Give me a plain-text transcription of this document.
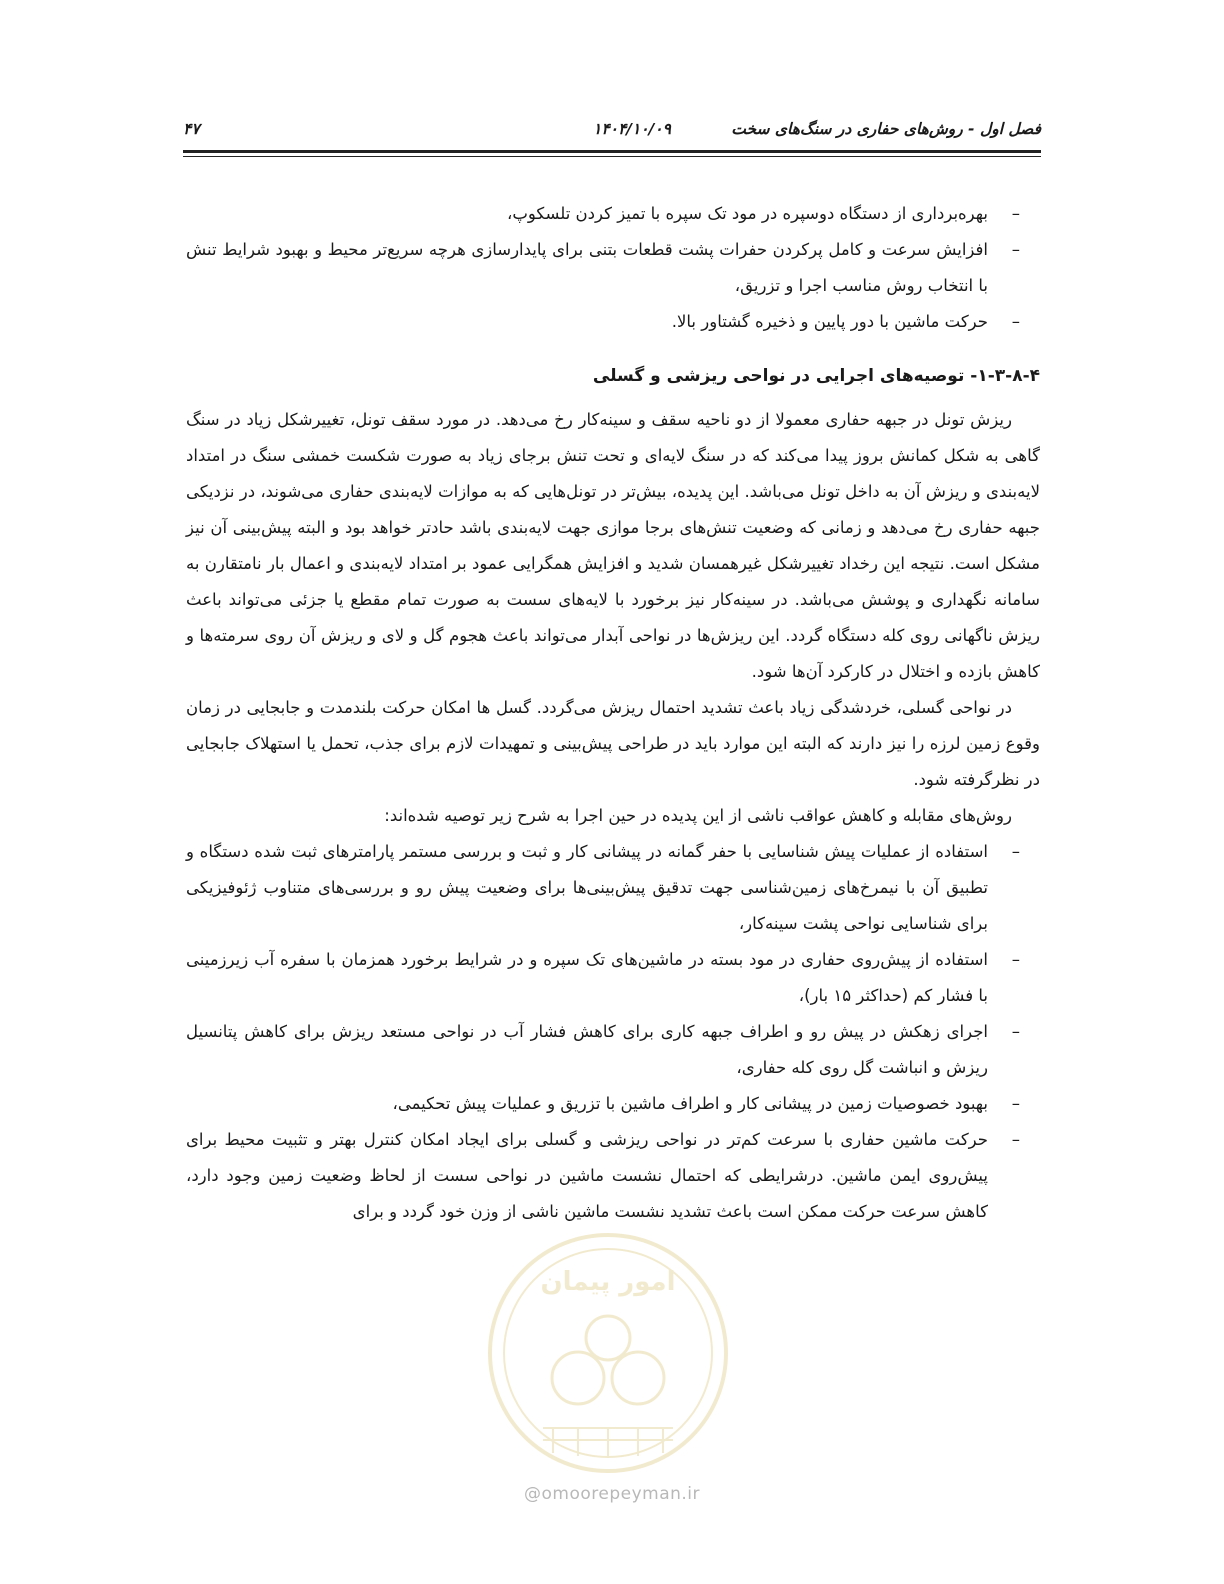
۴۷	۱۴۰۴/۱۰/۰۹	فصل اول - روش‌های حفاری در سنگ‌های سخت

–
بهره‌برداری از دستگاه دوسپره در مود تک سپره با تمیز کردن تلسکوپ،

–
افزایش سرعت و کامل پرکردن حفرات پشت قطعات بتنی برای پایدارسازی هرچه سریع‌تر محیط و بهبود شرایط تنش با انتخاب روش مناسب اجرا و تزریق،

–
حرکت ماشین با دور پایین و ذخیره گشتاور بالا.

۱-۳-۸-۴- توصیه‌های اجرایی در نواحی ریزشی و گسلی

ریزش تونل در جبهه حفاری معمولا از دو ناحیه سقف و سینه‌کار رخ می‌دهد. در مورد سقف تونل، تغییرشکل زیاد در سنگ گاهی به شکل کمانش بروز پیدا می‌کند که در سنگ لایه‌ای و تحت تنش برجای زیاد به صورت شکست خمشی سنگ در امتداد لایه‌بندی و ریزش آن به داخل تونل می‌باشد. این پدیده، بیش‌تر در تونل‌هایی که به موازات لایه‌بندی حفاری می‌شوند، در نزدیکی جبهه حفاری رخ می‌دهد و زمانی که وضعیت تنش‌های برجا موازی جهت لایه‌بندی باشد حادتر خواهد بود و البته پیش‌بینی آن نیز مشکل است. نتیجه این رخداد تغییرشکل غیرهمسان شدید و افزایش همگرایی عمود بر امتداد لایه‌بندی و اعمال بار نامتقارن به سامانه نگهداری و پوشش می‌باشد. در سینه‌کار نیز برخورد با لایه‌های سست به صورت تمام مقطع یا جزئی می‌تواند باعث ریزش ناگهانی روی کله دستگاه گردد. این ریزش‌ها در نواحی آبدار می‌تواند باعث هجوم گل و لای و ریزش آن روی سرمته‌ها و کاهش بازده و اختلال در کارکرد آن‌ها شود.

در نواحی گسلی، خردشدگی زیاد باعث تشدید احتمال ریزش می‌گردد. گسل ها امکان حرکت بلندمدت و جابجایی در زمان وقوع زمین لرزه را نیز دارند که البته این موارد باید در طراحی پیش‌بینی و تمهیدات لازم برای جذب، تحمل یا استهلاک جابجایی در نظرگرفته شود.

روش‌های مقابله و کاهش عواقب ناشی از این پدیده در حین اجرا به شرح زیر توصیه شده‌اند:

–
استفاده از عملیات پیش شناسایی با حفر گمانه در پیشانی کار و ثبت و بررسی مستمر پارامترهای ثبت شده دستگاه و تطبیق آن با نیمرخ‌های زمین‌شناسی جهت تدقیق پیش‌بینی‌ها برای وضعیت پیش رو و بررسی‌های متناوب ژئوفیزیکی برای شناسایی نواحی پشت سینه‌کار،

–
استفاده از پیش‌روی حفاری در مود بسته در ماشین‌های تک سپره و در شرایط برخورد همزمان با سفره آب زیرزمینی با فشار کم (حداکثر ۱۵ بار)،

–
اجرای زهکش در پیش رو و اطراف جبهه کاری برای کاهش فشار آب در نواحی مستعد ریزش برای کاهش پتانسیل ریزش و انباشت گل روی کله حفاری،

–
بهبود خصوصیات زمین در پیشانی کار و اطراف ماشین با تزریق و عملیات پیش تحکیمی،

–
حرکت ماشین حفاری با سرعت کم‌تر در نواحی ریزشی و گسلی برای ایجاد امکان کنترل بهتر و تثبیت محیط برای پیش‌روی ایمن ماشین. درشرایطی که احتمال نشست ماشین در نواحی سست از لحاظ وضعیت زمین وجود دارد، کاهش سرعت حرکت ممکن است باعث تشدید نشست ماشین ناشی از وزن خود گردد و برای

امور پیمان
@omoorepeyman.ir
